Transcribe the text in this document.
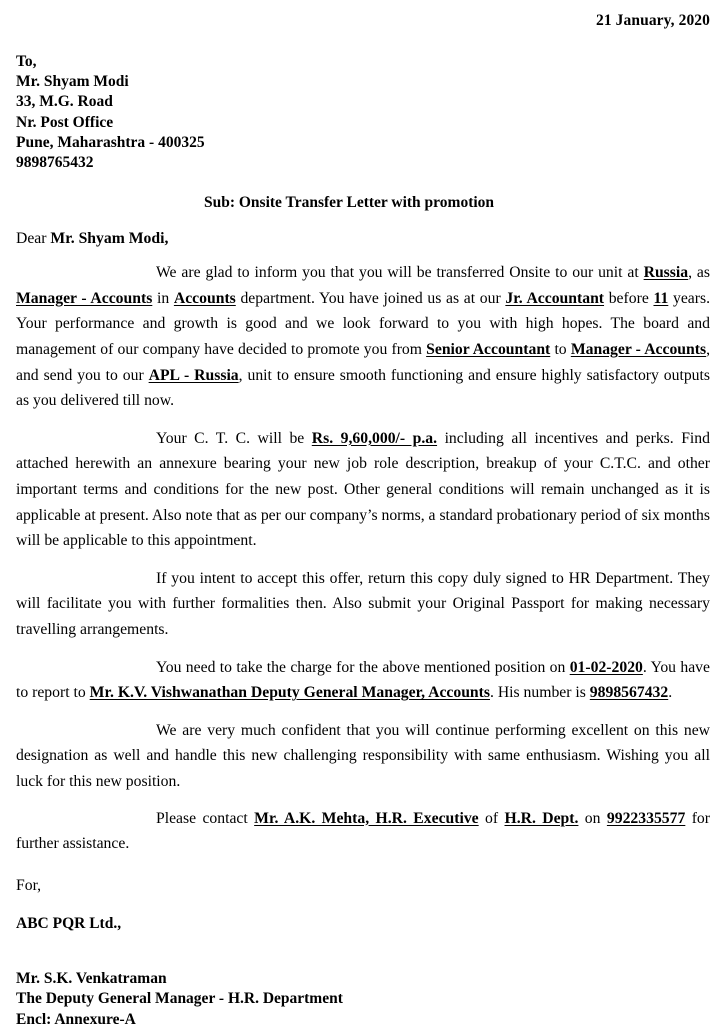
21 January, 2020
To,
Mr. Shyam Modi
33, M.G. Road
Nr. Post Office
Pune, Maharashtra - 400325
9898765432
Sub: Onsite Transfer Letter with promotion
Dear Mr. Shyam Modi,

We are glad to inform you that you will be transferred Onsite to our unit at Russia, as Manager - Accounts in Accounts department. You have joined us as at our Jr. Accountant before 11 years. Your performance and growth is good and we look forward to you with high hopes. The board and management of our company have decided to promote you from Senior Accountant to Manager - Accounts, and send you to our APL - Russia, unit to ensure smooth functioning and ensure highly satisfactory outputs as you delivered till now.

Your C. T. C. will be Rs. 9,60,000/- p.a. including all incentives and perks. Find attached herewith an annexure bearing your new job role description, breakup of your C.T.C. and other important terms and conditions for the new post. Other general conditions will remain unchanged as it is applicable at present. Also note that as per our company’s norms, a standard probationary period of six months will be applicable to this appointment.

If you intent to accept this offer, return this copy duly signed to HR Department. They will facilitate you with further formalities then. Also submit your Original Passport for making necessary travelling arrangements.

You need to take the charge for the above mentioned position on 01-02-2020. You have to report to Mr. K.V. Vishwanathan Deputy General Manager, Accounts. His number is 9898567432.

We are very much confident that you will continue performing excellent on this new designation as well and handle this new challenging responsibility with same enthusiasm. Wishing you all luck for this new position.

Please contact Mr. A.K. Mehta, H.R. Executive of H.R. Dept. on 9922335577 for further assistance.

For,
ABC PQR Ltd.,
Mr. S.K. Venkatraman
The Deputy General Manager - H.R. Department
Encl: Annexure-A
